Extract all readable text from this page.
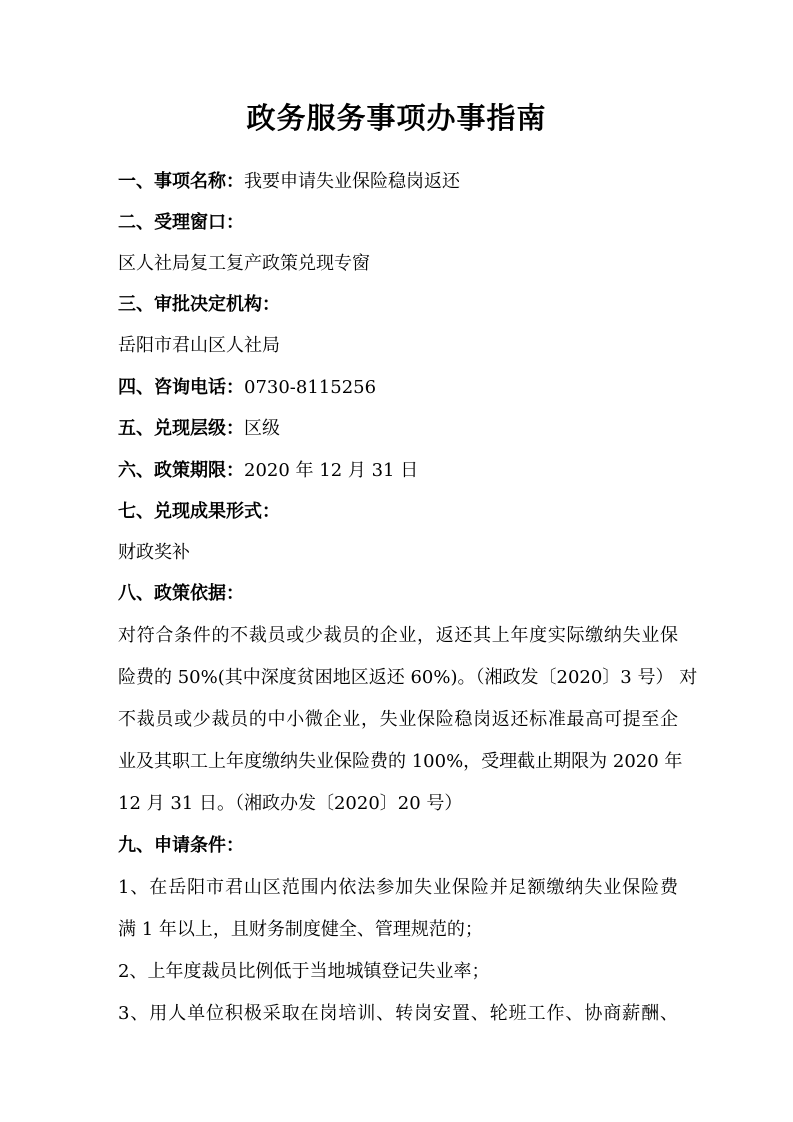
政务服务事项办事指南
一、事项名称：我要申请失业保险稳岗返还
二、受理窗口：
区人社局复工复产政策兑现专窗
三、审批决定机构：
岳阳市君山区人社局
四、咨询电话：0730-8115256
五、兑现层级：区级
六、政策期限：2020 年 12 月 31 日
七、兑现成果形式：
财政奖补
八、政策依据：
对符合条件的不裁员或少裁员的企业，返还其上年度实际缴纳失业保
险费的 50%(其中深度贫困地区返还 60%)。（湘政发〔2020〕3 号） 对
不裁员或少裁员的中小微企业，失业保险稳岗返还标准最高可提至企
业及其职工上年度缴纳失业保险费的 100%，受理截止期限为 2020 年
12 月 31 日。（湘政办发〔2020〕20 号）
九、申请条件：
1、在岳阳市君山区范围内依法参加失业保险并足额缴纳失业保险费
满 1 年以上，且财务制度健全、管理规范的；
2、上年度裁员比例低于当地城镇登记失业率；
3、用人单位积极采取在岗培训、转岗安置、轮班工作、协商薪酬、
